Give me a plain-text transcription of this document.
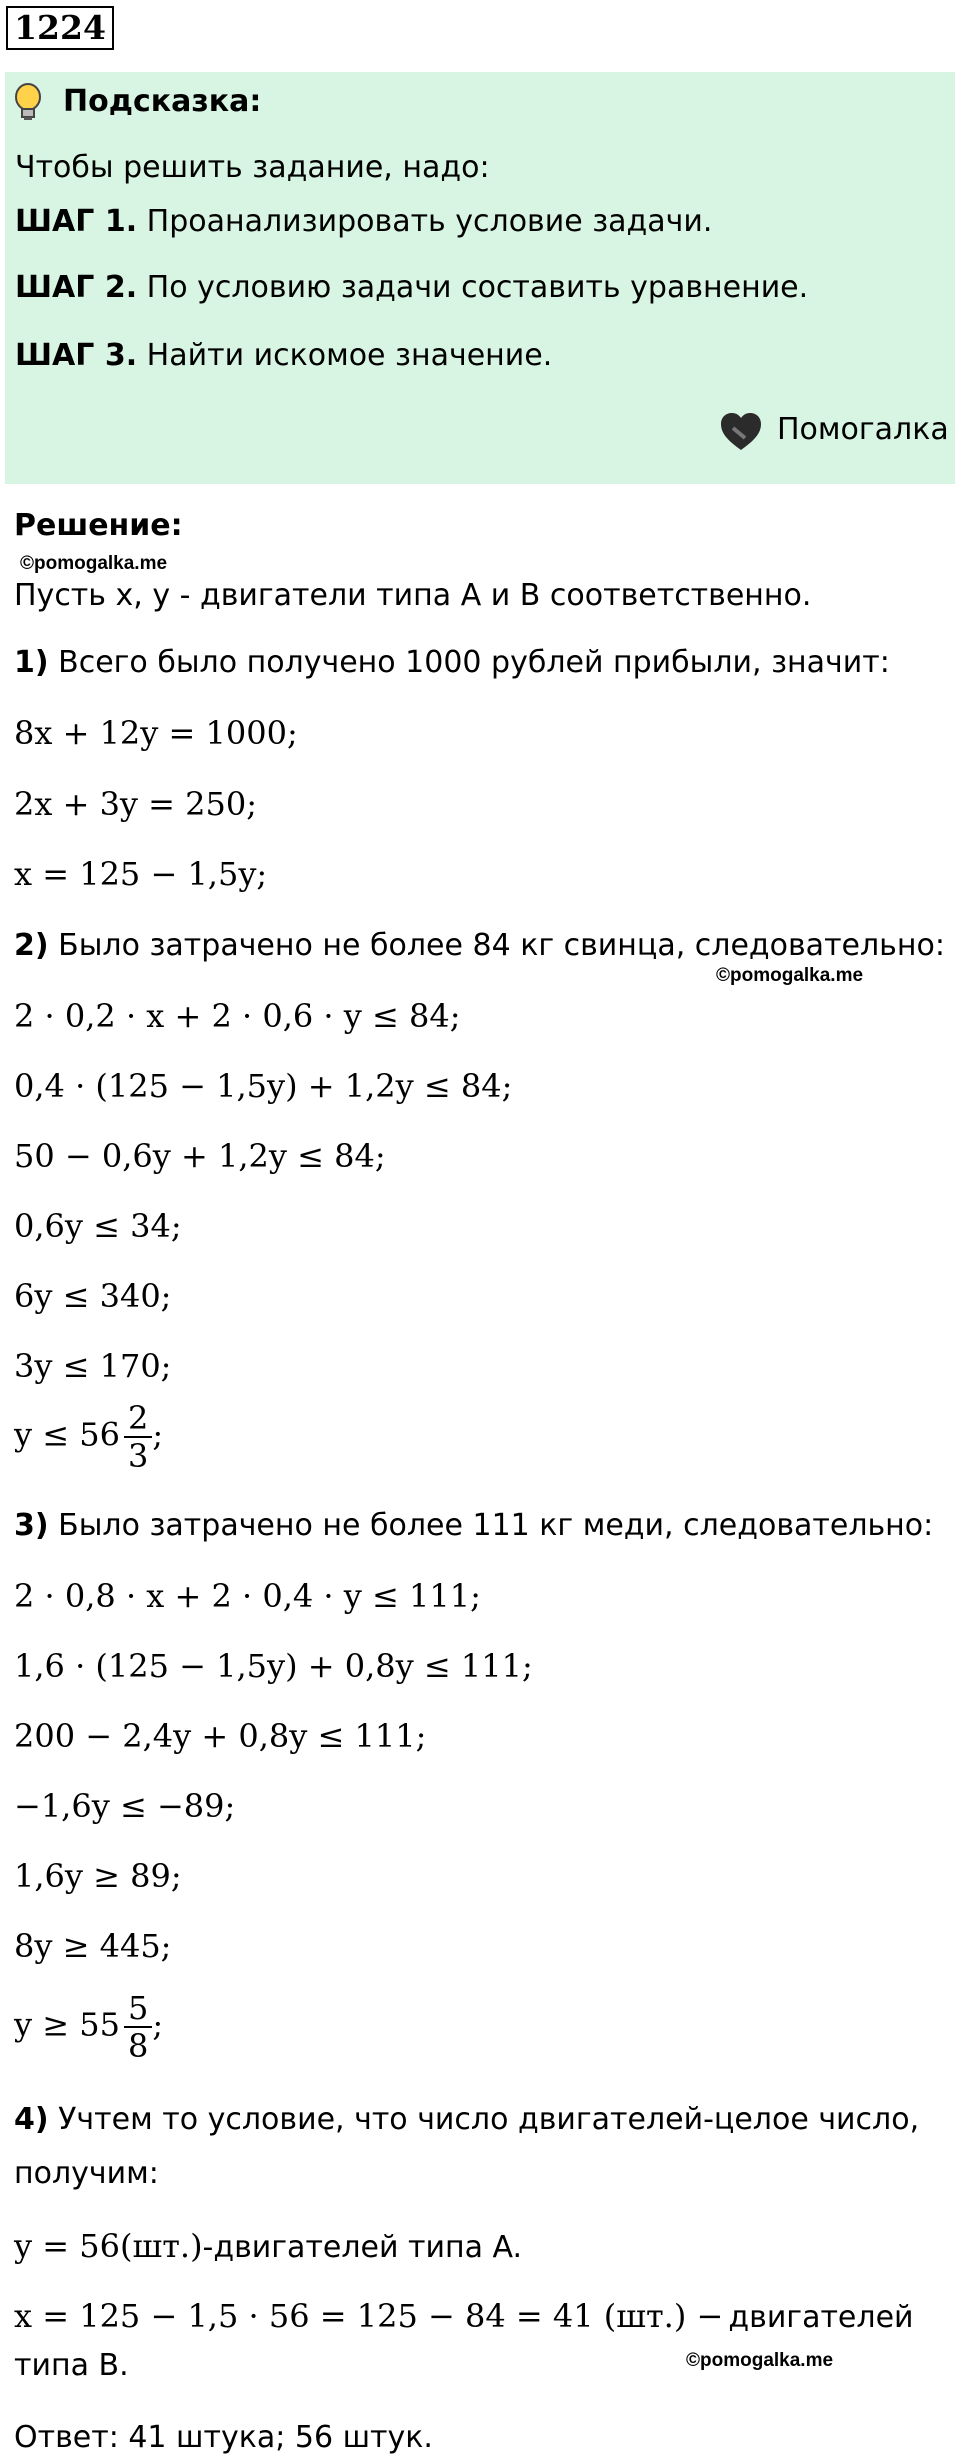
1224
Подсказка:
Чтобы решить задание, надо:
ШАГ 1. Проанализировать условие задачи.
ШАГ 2. По условию задачи составить уравнение.
ШАГ 3. Найти искомое значение.
Помогалка
Решение:
©pomogalka.me
Пусть x, y - двигатели типа A и B соответственно.
1) Всего было получено 1000 рублей прибыли, значит:
8x + 12y = 1000;
2x + 3y = 250;
x = 125 − 1,5y;
2) Было затрачено не более 84 кг свинца, следовательно:
©pomogalka.me
2 · 0,2 · x + 2 · 0,6 · y ≤ 84;
0,4 · (125 − 1,5y) + 1,2y ≤ 84;
50 − 0,6y + 1,2y ≤ 84;
0,6y ≤ 34;
6y ≤ 340;
3y ≤ 170;
$y \le 56 \frac{2}{3}$ ;
3) Было затрачено не более 111 кг меди, следовательно:
2 · 0,8 · x + 2 · 0,4 · y ≤ 111;
1,6 · (125 − 1,5y) + 0,8y ≤ 111;
200 − 2,4y + 0,8y ≤ 111;
−1,6y ≤ −89;
1,6y ≥ 89;
8y ≥ 445;
$y \ge 55 \frac{5}{8}$ ;
4) Учтем то условие, что число двигателей-целое число,
получим:
y = 56(шт.)-двигателей типа A.
x = 125 − 1,5 · 56 = 125 − 84 = 41 (шт.) − двигателей
типа B.	©pomogalka.me
Ответ: 41 штука; 56 штук.
